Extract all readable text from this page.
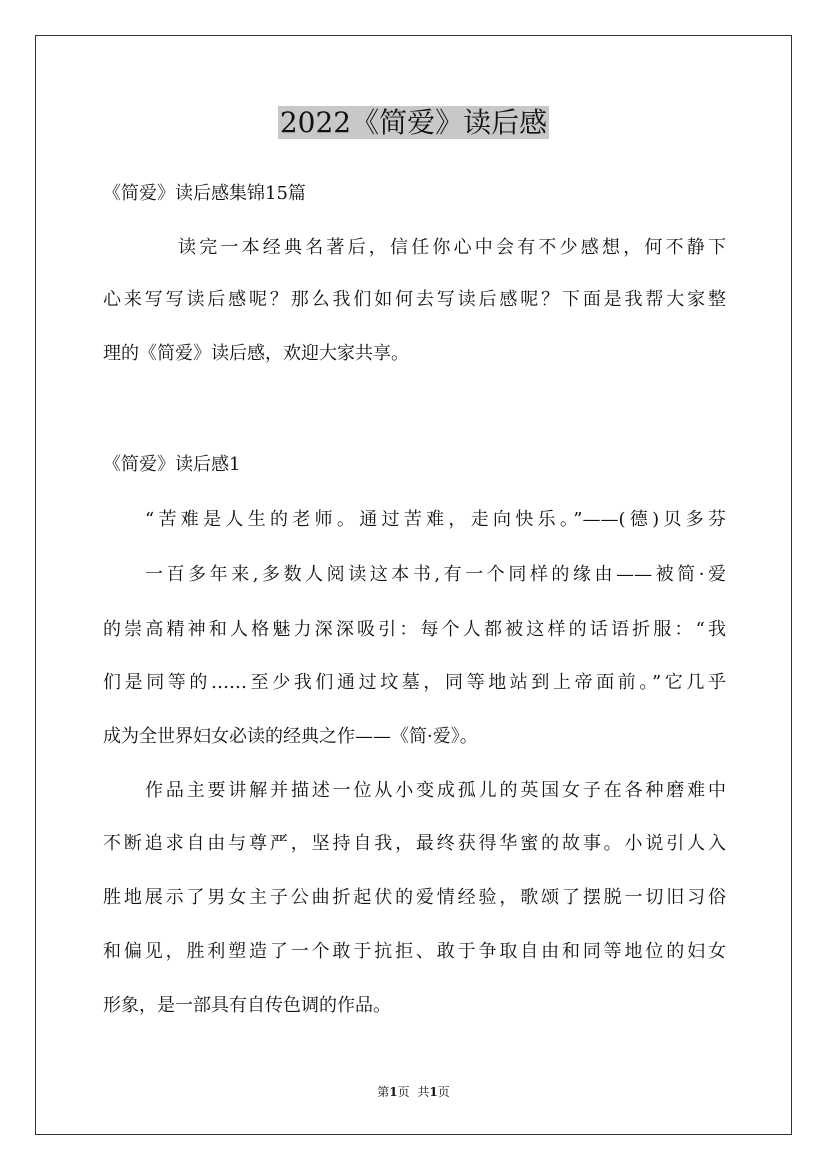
2022《简爱》读后感
《简爱》读后感集锦15篇
读完一本经典名著后，信任你心中会有不少感想，何不静下
心来写写读后感呢？那么我们如何去写读后感呢？下面是我帮大家整
理的《简爱》读后感，欢迎大家共享。
《简爱》读后感1
“苦难是人生的老师。通过苦难，走向快乐。”——(德)贝多芬
一百多年来,多数人阅读这本书,有一个同样的缘由——被简·爱
的崇高精神和人格魅力深深吸引：每个人都被这样的话语折服：“我
们是同等的……至少我们通过坟墓，同等地站到上帝面前。”它几乎
成为全世界妇女必读的经典之作——《简·爱》。
作品主要讲解并描述一位从小变成孤儿的英国女子在各种磨难中
不断追求自由与尊严，坚持自我，最终获得华蜜的故事。小说引人入
胜地展示了男女主子公曲折起伏的爱情经验，歌颂了摆脱一切旧习俗
和偏见，胜利塑造了一个敢于抗拒、敢于争取自由和同等地位的妇女
形象，是一部具有自传色调的作品。
第1页 共1页
